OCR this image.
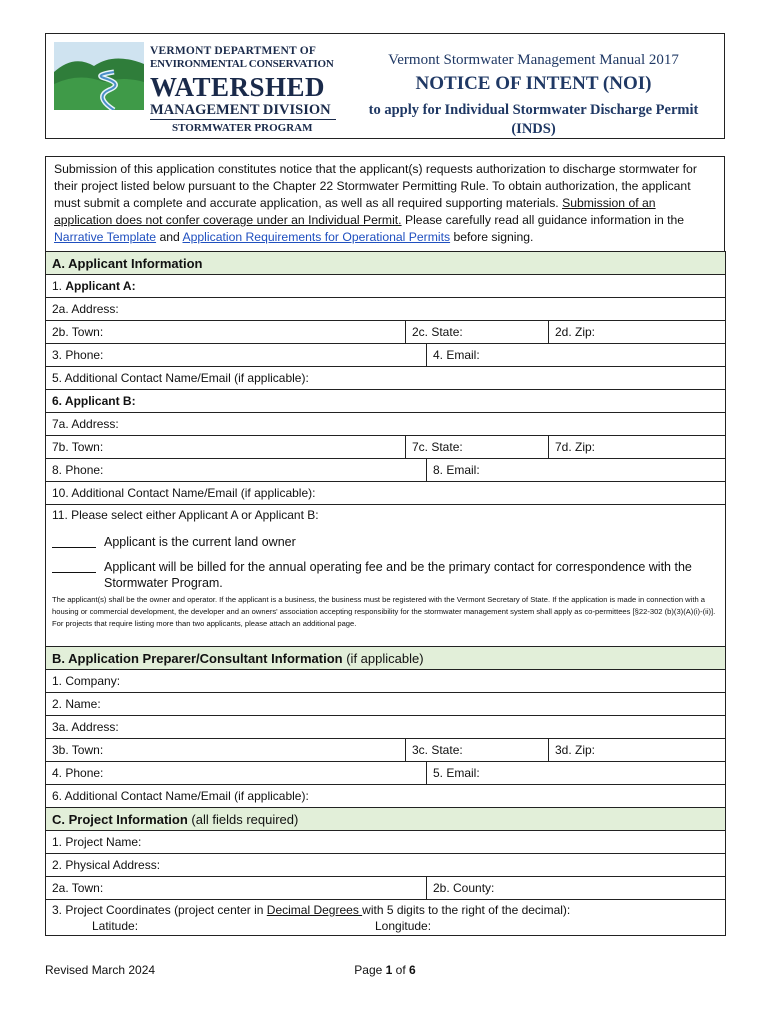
VERMONT DEPARTMENT OF
ENVIRONMENTAL CONSERVATION
WATERSHED
MANAGEMENT DIVISION
STORMWATER PROGRAM
Vermont Stormwater Management Manual 2017
NOTICE OF INTENT (NOI)
to apply for Individual Stormwater Discharge Permit (INDS)
Submission of this application constitutes notice that the applicant(s) requests authorization to discharge stormwater for their project listed below pursuant to the Chapter 22 Stormwater Permitting Rule. To obtain authorization, the applicant must submit a complete and accurate application, as well as all required supporting materials. Submission of an application does not confer coverage under an Individual Permit. Please carefully read all guidance information in the Narrative Template and Application Requirements for Operational Permits before signing.
A. Applicant Information			
1. Applicant A:			
2a. Address:			
2b. Town:	2c. State:		2d. Zip:
3. Phone:		4. Email:	
5. Additional Contact Name/Email (if applicable):			
6. Applicant B:			
7a. Address:			
7b. Town:	7c. State:		7d. Zip:
8. Phone:		8. Email:	
10. Additional Contact Name/Email (if applicable):			

11. Please select either Applicant A or Applicant B:
Applicant is the current land owner
Applicant will be billed for the annual operating fee and be the primary contact for correspondence with the Stormwater Program.
The applicant(s) shall be the owner and operator. If the applicant is a business, the business must be registered with the Vermont Secretary of State. If the application is made in connection with a housing or commercial development, the developer and an owners' association accepting responsibility for the stormwater management system shall apply as co-permittees [§22-302 (b)(3)(A)(i)-(ii)]. For projects that require listing more than two applicants, please attach an additional page.			

B. Application Preparer/Consultant Information (if applicable)			
1. Company:			
2. Name:			
3a. Address:			
3b. Town:	3c. State:		3d. Zip:
4. Phone:		5. Email:	
6. Additional Contact Name/Email (if applicable):			
C. Project Information (all fields required)			
1. Project Name:			
2. Physical Address:			
2a. Town:		2b. County:	

3. Project Coordinates (project center in Decimal Degrees with 5 digits to the right of the decimal):
Latitude: Longitude:			
Revised March 2024	Page 1 of 6
